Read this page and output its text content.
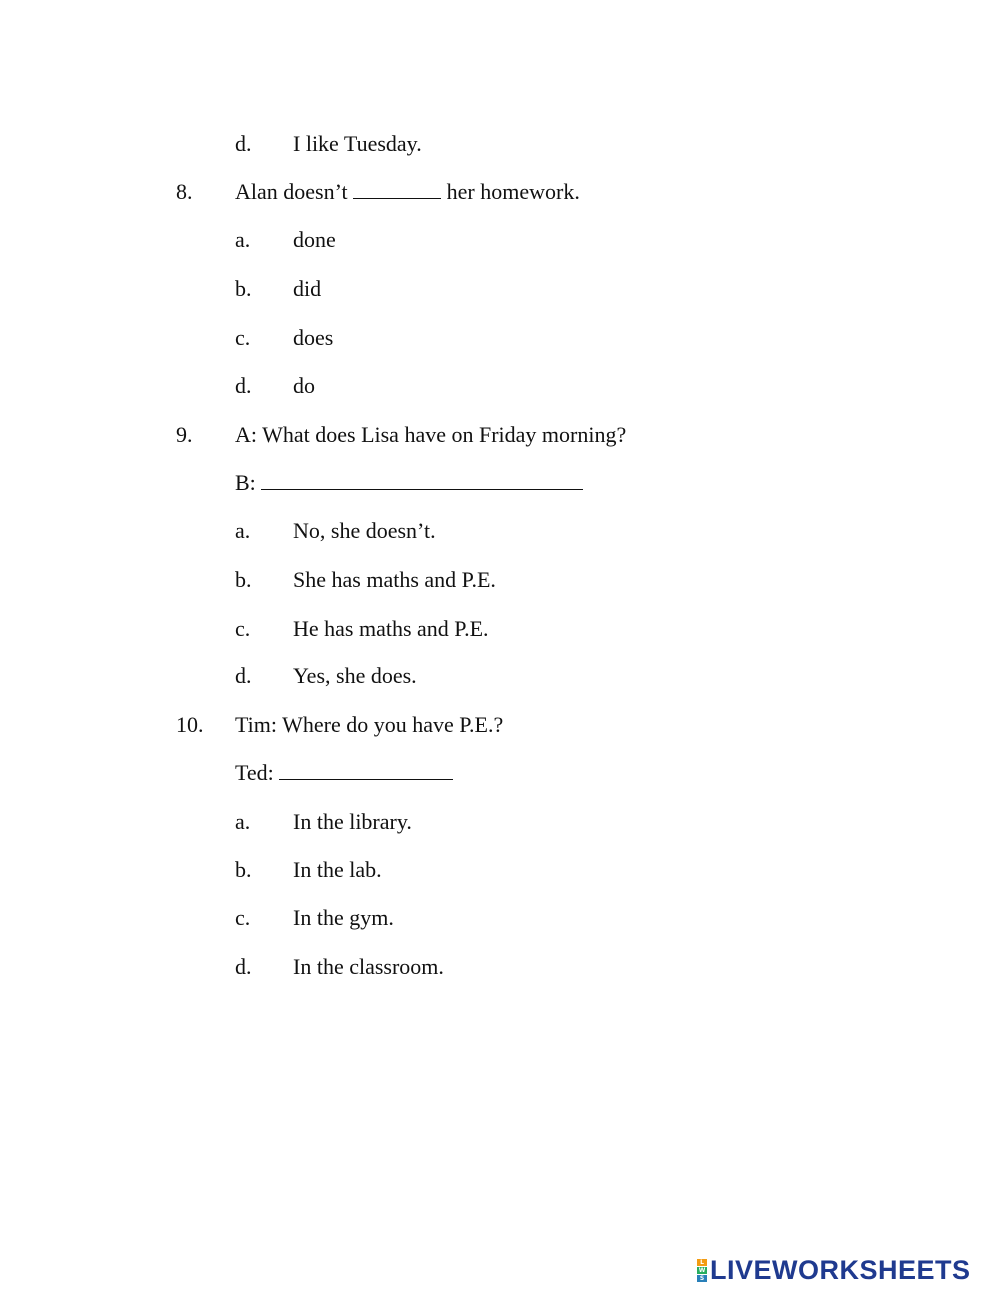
d. I like Tuesday.
8. Alan doesn’t	her homework.
a. done
b. did
c. does
d. do
9. A: What does Lisa have on Friday morning?
B:
a. No, she doesn’t.
b. She has maths and P.E.
c. He has maths and P.E.
d. Yes, she does.
10. Tim: Where do you have P.E.?
Ted:
a. In the library.
b. In the lab.
c. In the gym.
d. In the classroom.
L
W
S LIVEWORKSHEETS
